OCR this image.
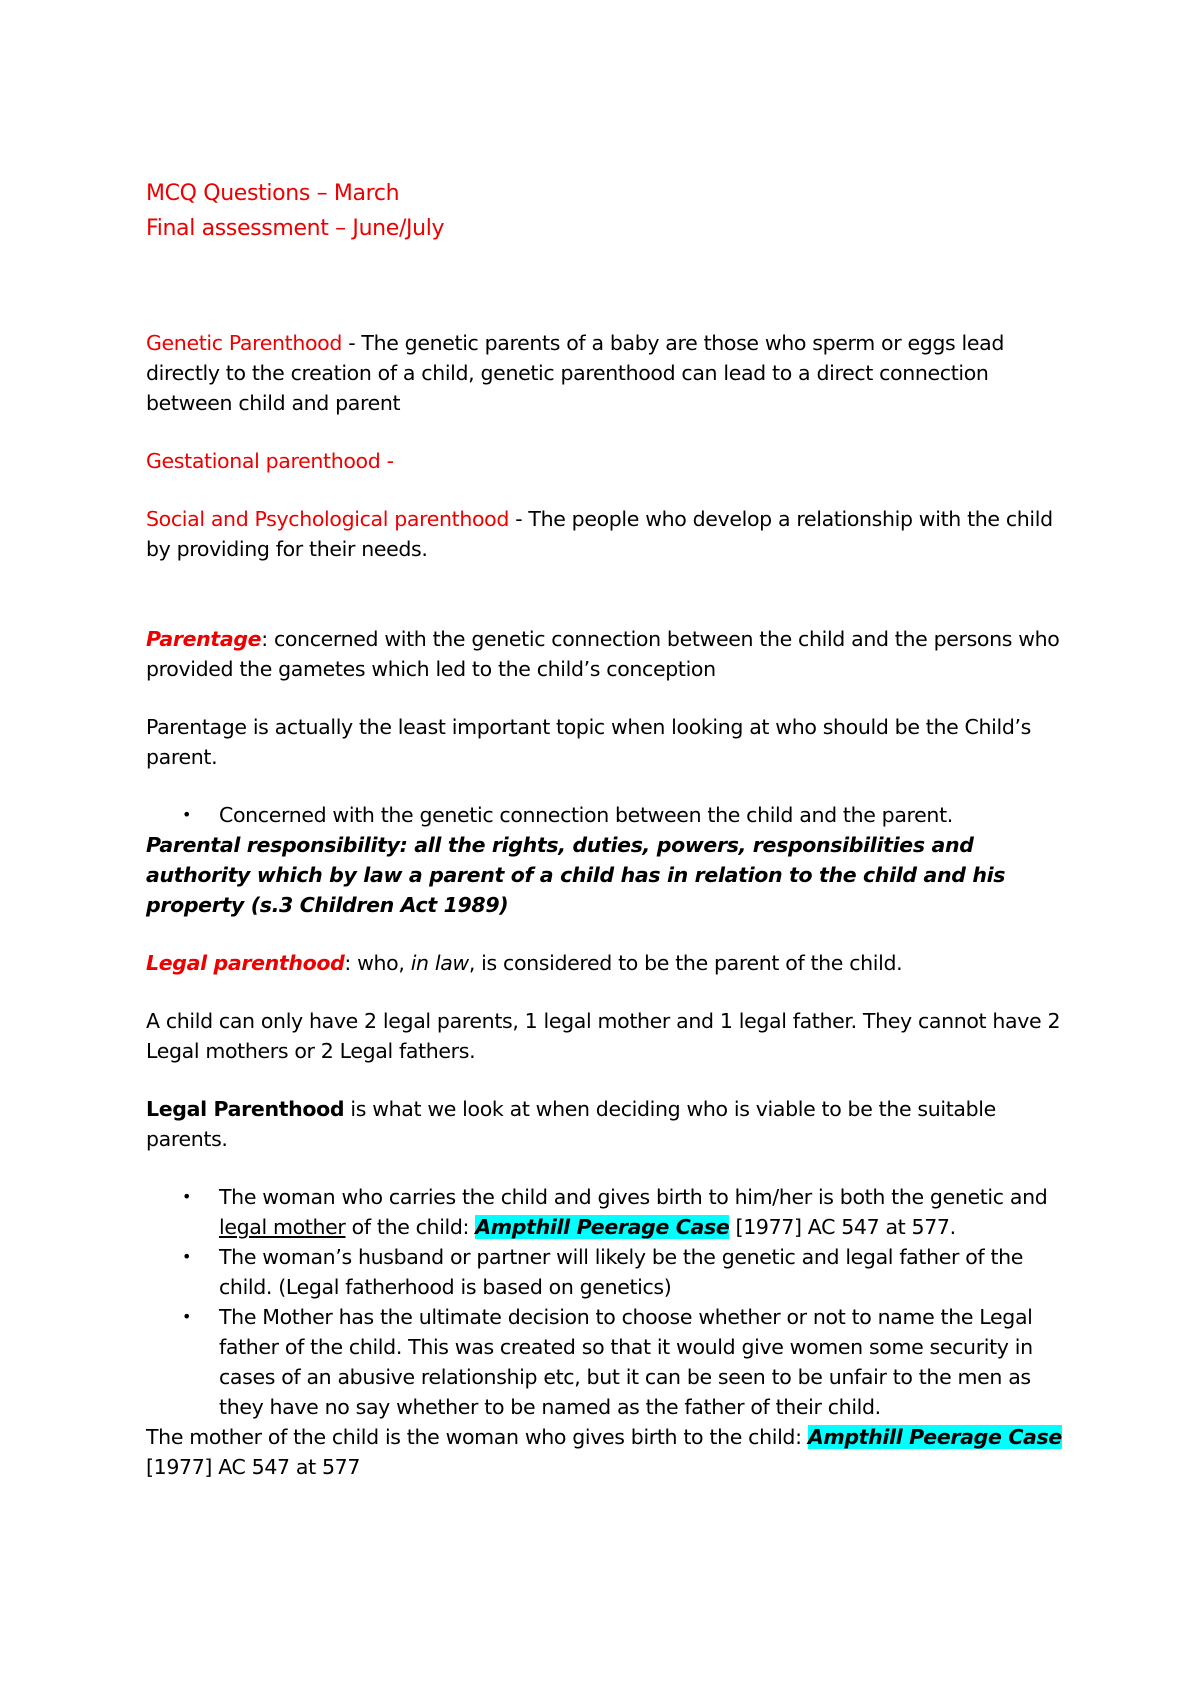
MCQ Questions – March

Final assessment – June/July

Genetic Parenthood - The genetic parents of a baby are those who sperm or eggs lead directly to the creation of a child, genetic parenthood can lead to a direct connection between child and parent

Gestational parenthood -

Social and Psychological parenthood - The people who develop a relationship with the child by providing for their needs.

Parentage: concerned with the genetic connection between the child and the persons who provided the gametes which led to the child’s conception

Parentage is actually the least important topic when looking at who should be the Child’s parent.

• Concerned with the genetic connection between the child and the parent.

Parental responsibility: all the rights, duties, powers, responsibilities and authority which by law a parent of a child has in relation to the child and his property (s.3 Children Act 1989)

Legal parenthood: who, in law, is considered to be the parent of the child.

A child can only have 2 legal parents, 1 legal mother and 1 legal father. They cannot have 2 Legal mothers or 2 Legal fathers.

Legal Parenthood is what we look at when deciding who is viable to be the suitable parents.

• The woman who carries the child and gives birth to him/her is both the genetic and legal mother of the child: Ampthill Peerage Case [1977] AC 547 at 577.
• The woman’s husband or partner will likely be the genetic and legal father of the child. (Legal fatherhood is based on genetics)
• The Mother has the ultimate decision to choose whether or not to name the Legal father of the child. This was created so that it would give women some security in cases of an abusive relationship etc, but it can be seen to be unfair to the men as they have no say whether to be named as the father of their child.

The mother of the child is the woman who gives birth to the child: Ampthill Peerage Case
[1977] AC 547 at 577
